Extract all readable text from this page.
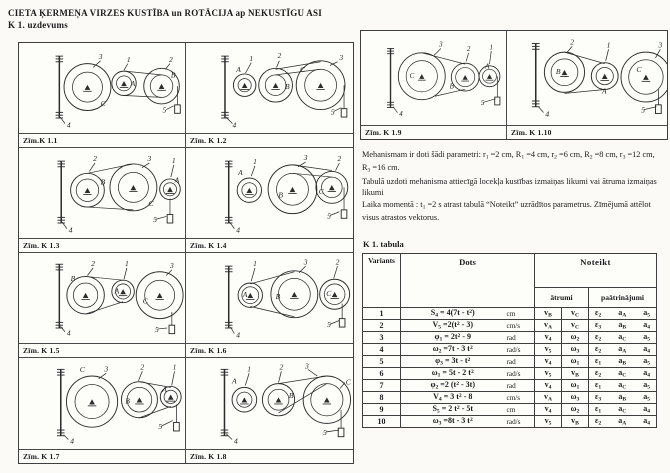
CIETA ĶERMEŅA VIRZES KUSTĪBA un ROTĀCIJA ap NEKUSTĪGU ASI
K 1. uzdevums
3	1	2
4
5
A
B
C
Zīm.K 1.1
1	2	3
C
A
B
4
5
Zīm. K 1.2
2	3	1
B
C
A
4
5
Zīm. K 1.3
1	3	2
A
B	C
4
5
Zīm. K 1.4
2	1	3
B
A
C
4	5
Zīm. K 1.5
1	3	2
A	B	C
4
5
Zīm. K 1.6
C 3	2	1
B
A
4
5
Zīm. K 1.7
A
1	2	3
C
B
4
5
Zīm. K 1.8
3
2 1
C
B
A
4
5
Zīm. K 1.9
2	1	3
B
A
C
4	5
Zīm. K 1.10

Mehanismam ir doti šādi parametri: $r_1 =2$ cm, $R_1 =4$ cm, $r_2 =6$ cm, $R_2 =8$ cm, $r_3 =12$ cm, $R_3 =16$ cm.

Tabulā uzdoti mehanisma attiecīgā locekļa kustības izmaiņas likumi vai ātruma izmaiņas likumi

Laika momentā : $t_1 =2$ s atrast tabulā “Noteikt” uzrādītos parametrus. Zīmējumā attēlot visus atrastos vektorus.

K 1. tabula
Variants	Dots		Noteikt		
			ātrumi		paātrinājumi
1	$S_4 = 4(7t - t^2)$	cm	$v_B$	$v_C$	$\varepsilon_2$ $a_A$ $a_5$

2	$V_5 =2(t^2 - 3)$	cm/s	$v_A$	$v_C$	$\varepsilon_3$ $a_B$ $a_4$

3	$\varphi_1 = 2t^2 - 9$	rad	$v_4$	$\omega_2$	$\varepsilon_2$ $a_C$ $a_5$

4	$\omega_2 =7t - 3$ $t^2$	rad/s	$v_5$	$\omega_3$	$\varepsilon_2$ $a_A$ $a_4$

5	$\varphi_3 = 3t - t^2$	rad	$v_4$	$\omega_1$	$\varepsilon_1$ $a_B$ $a_5$

6	$\omega_1 = 5t - 2$ $t^2$	rad/s	$v_5$	$v_B$	$\varepsilon_2$ $a_C$ $a_4$

7	$\varphi_2 =2$ $(t^2 - 3t)$	rad	$v_4$	$\omega_1$	$\varepsilon_1$ $a_C$ $a_5$

8	$V_4 = 3$ $t^2 - 8$	cm/s	$v_A$	$\omega_3$	$\varepsilon_3$ $a_B$ $a_5$

9	$S_5 = 2$ $t^2 - 5t$	cm	$v_4$	$\omega_2$	$\varepsilon_1$ $a_C$ $a_4$

10	$\omega_3 =8t - 3$ $t^2$	rad/s	$v_5$	$v_B$	$\varepsilon_2$ $a_A$ $a_4$
